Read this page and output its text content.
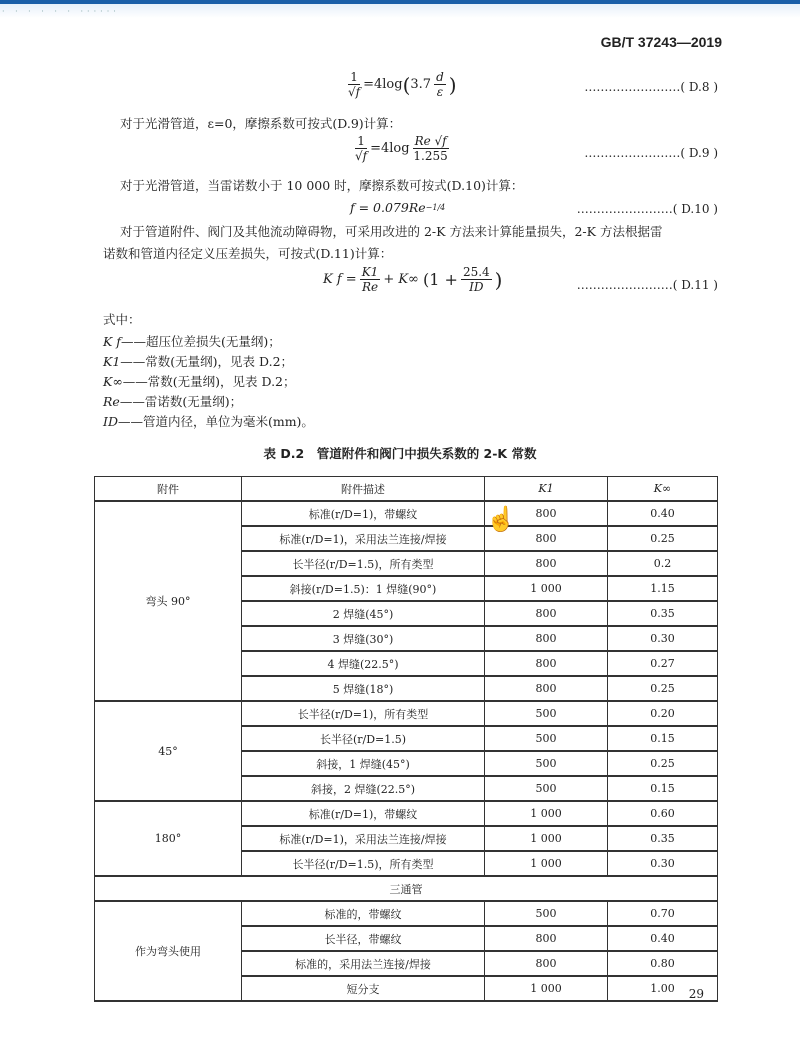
· · · · · · ······
GB/T 37243—2019
$\frac{1}{√f} =4\log$ ( $3.7 \frac{d}{\varepsilon}$ )	……………………( D.8 )
对于光滑管道，ε=0，摩擦系数可按式(D.9)计算：
$\frac{1}{√f} =4\log \frac{Re √f}{1.255}$	……………………( D.9 )
对于光滑管道，当雷诺数小于 10 000 时，摩擦系数可按式(D.10)计算：
f = 0.079Re −1/4	……………………( D.10 )
对于管道附件、阀门及其他流动障碍物，可采用改进的 2-K 方法来计算能量损失，2-K 方法根据雷
诺数和管道内径定义压差损失，可按式(D.11)计算：
K f
= $\frac{K1}{Re} + K\infty$
($1 + \frac{25.4}{ID}$ )	……………………( D.11 )
式中：
K f——超压位差损失(无量纲)；
K1——常数(无量纲)，见表 D.2；
K∞——常数(无量纲)，见表 D.2；
Re——雷诺数(无量纲)；
ID——管道内径，单位为毫米(mm)。
表 D.2　管道附件和阀门中损失系数的 2-K 常数
附件	附件描述	K1	K∞
弯头 90°	标准(r/D=1)，带螺纹	800	0.40
	标准(r/D=1)，采用法兰连接/焊接	800	0.25
	长半径(r/D=1.5)，所有类型	800	0.2
	斜接(r/D=1.5)：1 焊缝(90°)	1 000	1.15
	2 焊缝(45°)	800	0.35
	3 焊缝(30°)	800	0.30
	4 焊缝(22.5°)	800	0.27
	5 焊缝(18°)	800	0.25
45°	长半径(r/D=1)，所有类型	500	0.20
	长半径(r/D=1.5)	500	0.15
	斜接，1 焊缝(45°)	500	0.25
	斜接，2 焊缝(22.5°)	500	0.15
180°	标准(r/D=1)，带螺纹	1 000	0.60
	标准(r/D=1)，采用法兰连接/焊接	1 000	0.35
	长半径(r/D=1.5)，所有类型	1 000	0.30
三通管			
作为弯头使用	标准的，带螺纹	500	0.70
	长半径，带螺纹	800	0.40
	标准的，采用法兰连接/焊接	800	0.80
	短分支	1 000	1.00
☝
29
